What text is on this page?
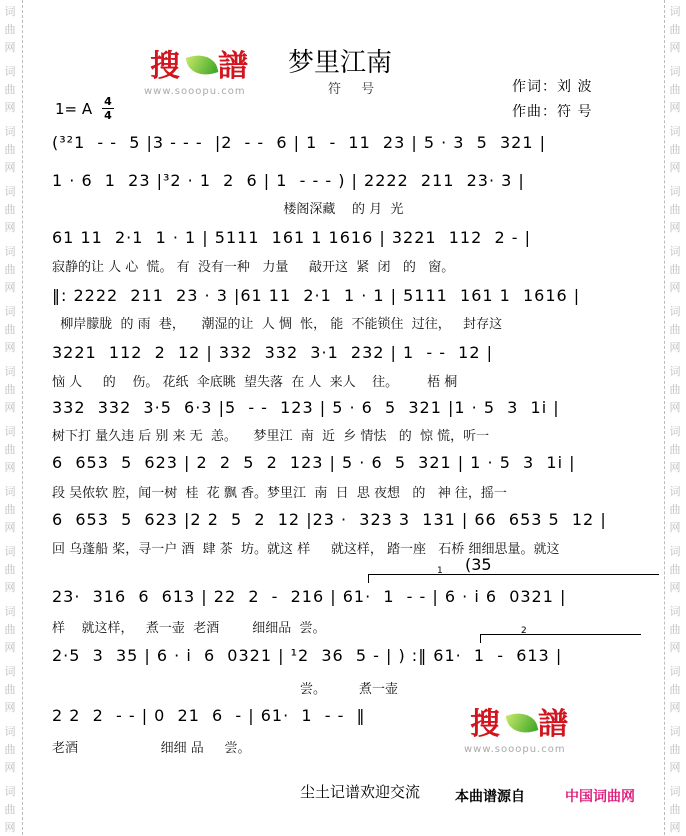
词
曲
网
词
曲
网
词
曲
网
词
曲
网
词
曲
网
词
曲
网
词
曲
网
词
曲
网
词
曲
网
词
曲
网
词
曲
网
词
曲
网
词
曲
网
词
曲
网
词
曲
网
词
曲
网
词
曲
网
词
曲
网
词
曲
网
词
曲
网
词
曲
网
词
曲
网
词
曲
网
词
曲
网
词
曲
网
词
曲
网
词
曲
网
词
曲
网
搜 譜
www.sooopu.com
梦里江南
符 号	作词：刘 波
作曲：符 号
1= A 4
4
(³²1  - -  5 |3 - - -  |2  - -  6 | 1  -  11  23 | 5 · 3  5  321 |
1 · 6  1  23 |³2 · 1  2  6 | 1  - - - ) | 2222  211  23· 3 |
楼阁深藏    的 月  光
61 11  2·1  1 · 1 | 5111  161 1 1616 | 3221  112  2 - |
寂静的让 人 心  慌。 有  没有一种   力量     敲开这  紧  闭   的   窗。
‖: 2222  211  23 · 3 |61 11  2·1  1 · 1 | 5111  161 1  1616 |
柳岸朦胧  的 雨  巷，    潮湿的让  人 惆  怅， 能  不能锁住  过往，   封存这
3221  112  2  12 | 332  332  3·1  232 | 1  - -  12 |
恼 人     的    伤。 花纸  伞底眺  望失落  在 人  来人    往。       梧 桐
332  332  3·5  6·3 |5  - -  123 | 5 · 6  5  321 |1 · 5  3  1i |
树下打 量久违 后 别 来 无  恙。    梦里江  南  近  乡 情怯   的  惊 慌，听一
6  653  5  623 | 2  2  5  2  123 | 5 · 6  5  321 | 1 · 5  3  1i |
段 吴侬软 腔，闻一树  桂  花 飘 香。梦里江  南  日  思 夜想   的   神 往，摇一
6  653  5  623 |2 2  5  2  12 |23 ·  323 3  131 | 66  653 5  12 |
回 乌蓬船 桨，寻一户 酒  肆 茶  坊。就这 样     就这样， 踏一座   石桥 细细思量。就这
1 (35
23·  316  6  613 | 22  2  -  216 | 61·  1  - - | 6 · i 6  0321 |
样    就这样，   煮一壶  老酒        细细品  尝。	2
2·5  3  35 | 6 · i  6  0321 | ¹2  36  5 - | ) :‖ 61·  1  -  613 |
尝。        煮一壶
2 2  2  - - | 0  21  6  - | 61·  1  - -  ‖
老酒                    细细 品     尝。
搜 譜
www.sooopu.com
尘土记谱欢迎交流 本曲谱源自	中国词曲网
